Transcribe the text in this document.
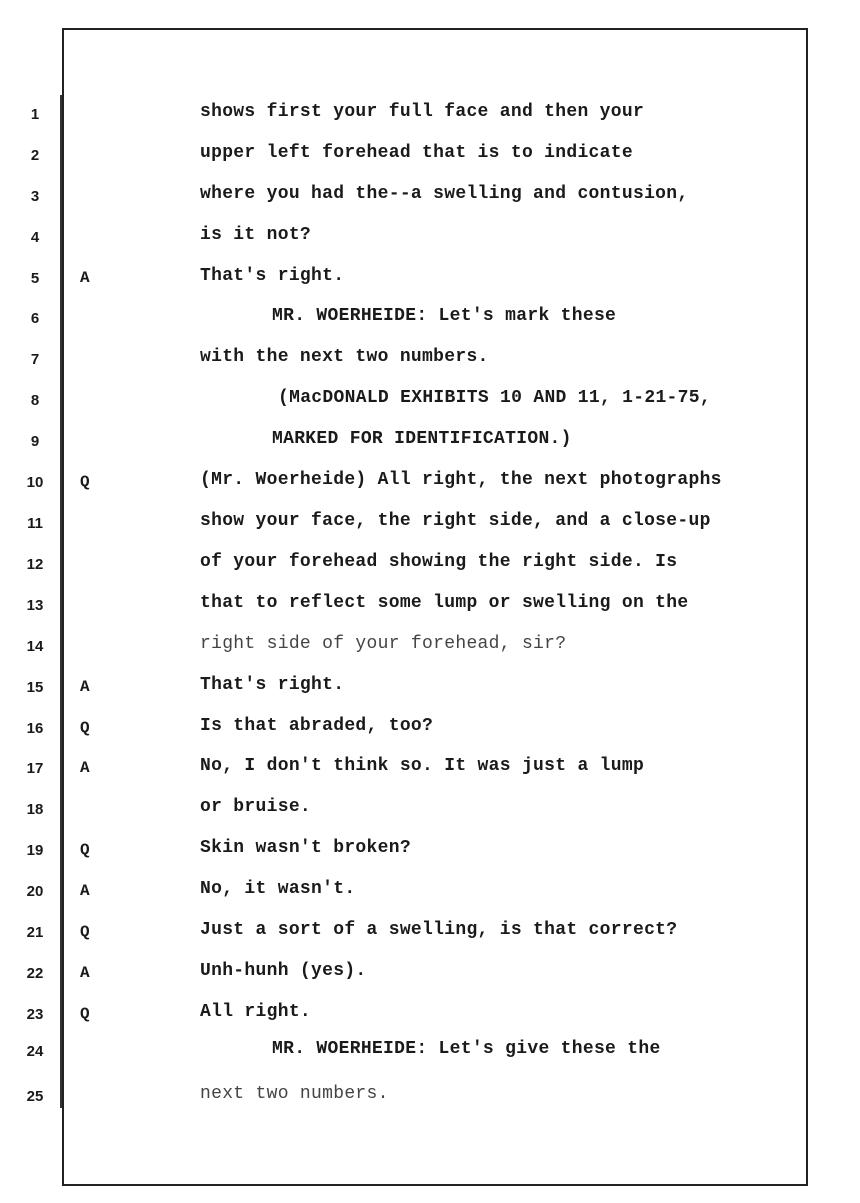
1	shows first your full face and then your
2	upper left forehead that is to indicate
3	where you had the--a swelling and contusion,
4	is it not?
5	A	That's right.
6	MR. WOERHEIDE: Let's mark these
7	with the next two numbers.
8	(MacDONALD EXHIBITS 10 AND 11, 1-21-75,
9	MARKED FOR IDENTIFICATION.)
10 Q	(Mr. Woerheide) All right, the next photographs
11	show your face, the right side, and a close-up
12	of your forehead showing the right side. Is
13	that to reflect some lump or swelling on the
14	right side of your forehead, sir?
15 A	That's right.
16 Q	Is that abraded, too?
17 A	No, I don't think so. It was just a lump
18	or bruise.
19 Q	Skin wasn't broken?
20 A	No, it wasn't.
21 Q	Just a sort of a swelling, is that correct?
22 A	Unh-hunh (yes).
23 Q	All right.
24	MR. WOERHEIDE: Let's give these the
25	next two numbers.
